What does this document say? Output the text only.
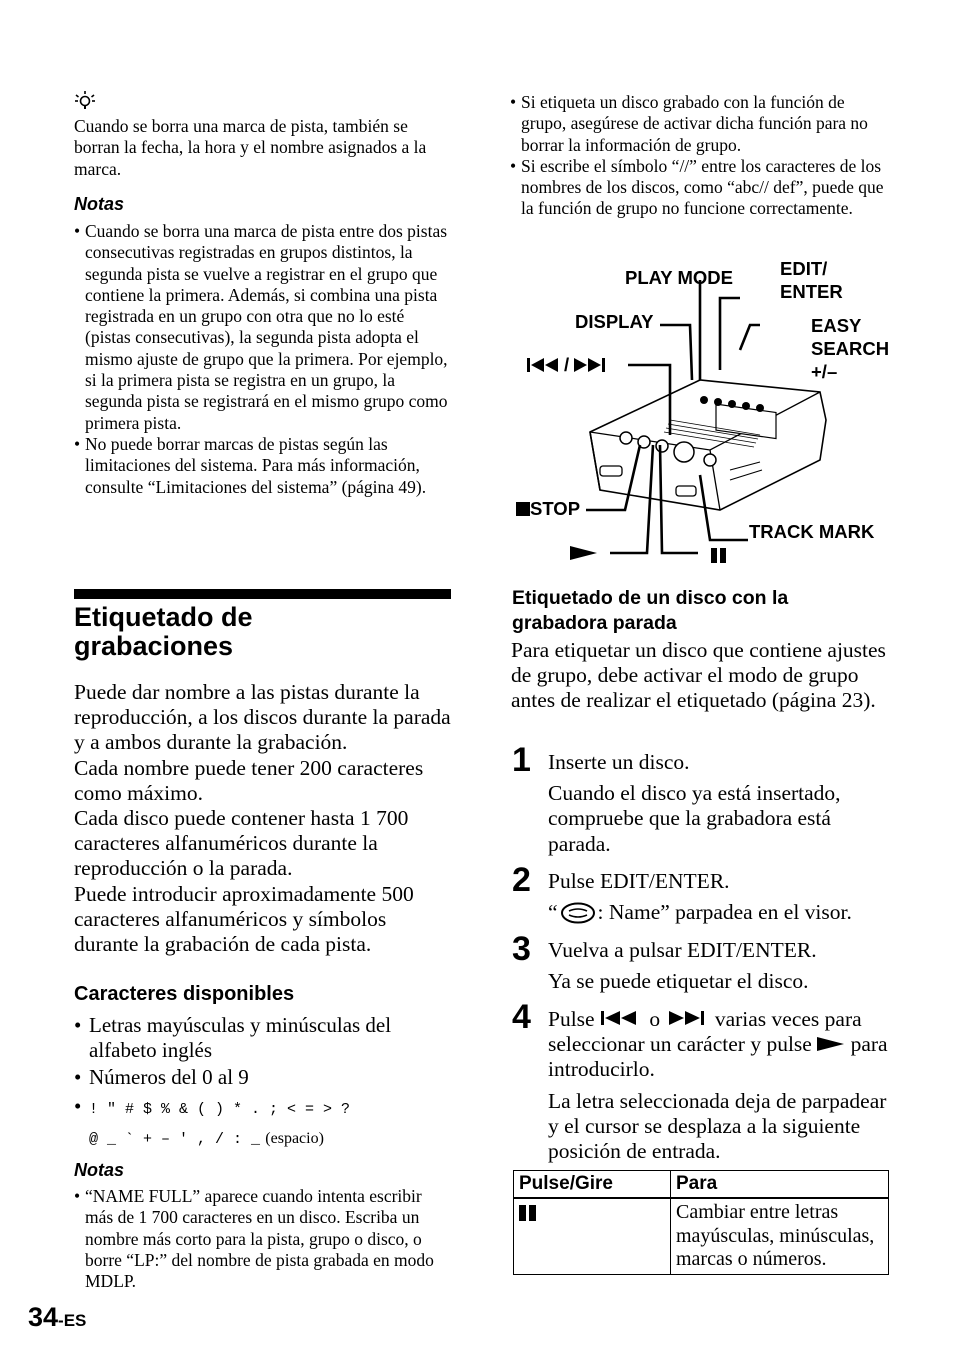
Cuando se borra una marca de pista, también se borran la fecha, la hora y el nombre asignados a la marca.
Notas
• Cuando se borra una marca de pista entre dos pistas consecutivas registradas en grupos distintos, la segunda pista se vuelve a registrar en el grupo que contiene la primera. Además, si combina una pista registrada en un grupo con otra que no lo esté (pistas consecutivas), la segunda pista adopta el mismo ajuste de grupo que la primera. Por ejemplo, si la primera pista se registra en un grupo, la segunda pista se registrará en el mismo grupo como primera pista.
• No puede borrar marcas de pistas según las limitaciones del sistema. Para más información, consulte “Limitaciones del sistema” (página 49).
Etiquetado de
grabaciones
Puede dar nombre a las pistas durante la reproducción, a los discos durante la parada y a ambos durante la grabación.
Cada nombre puede tener 200 caracteres como máximo.
Cada disco puede contener hasta 1 700 caracteres alfanuméricos durante la reproducción o la parada.
Puede introducir aproximadamente 500 caracteres alfanuméricos y símbolos durante la grabación de cada pista.
Caracteres disponibles
• Letras mayúsculas y minúsculas del alfabeto inglés
• Números del 0 al 9
• ! " # $ % & ( ) * . ; < = > ?
@ _ ` + – ' , / : _ (espacio)
Notas
• “NAME FULL” aparece cuando intenta escribir más de 1 700 caracteres en un disco. Escriba un nombre más corto para la pista, grupo o disco, o borre “LP:” del nombre de pista grabada en modo MDLP.
34-ES
• Si etiqueta un disco grabado con la función de grupo, asegúrese de activar dicha función para no borrar la información de grupo.
• Si escribe el símbolo “//” entre los caracteres de los nombres de los discos, como “abc// def”, puede que la función de grupo no funcione correctamente.
PLAY MODE	EDIT/
ENTER
DISPLAY	EASY
SEARCH
+/–
/
STOP
TRACK MARK
Etiquetado de un disco con la
grabadora parada
Para etiquetar un disco que contiene ajustes de grupo, debe activar el modo de grupo antes de realizar el etiquetado (página 23).
1 Inserte un disco.
Cuando el disco ya está insertado, compruebe que la grabadora está parada.
2 Pulse EDIT/ENTER.
“ : Name” parpadea en el visor.
3 Vuelva a pulsar EDIT/ENTER.
Ya se puede etiquetar el disco.
4 Pulse  o  varias veces para seleccionar un carácter y pulse  para introducirlo.
La letra seleccionada deja de parpadear y el cursor se desplaza a la siguiente posición de entrada.
Pulse/Gire	Para
	Cambiar entre letras mayúsculas, minúsculas, marcas o números.
